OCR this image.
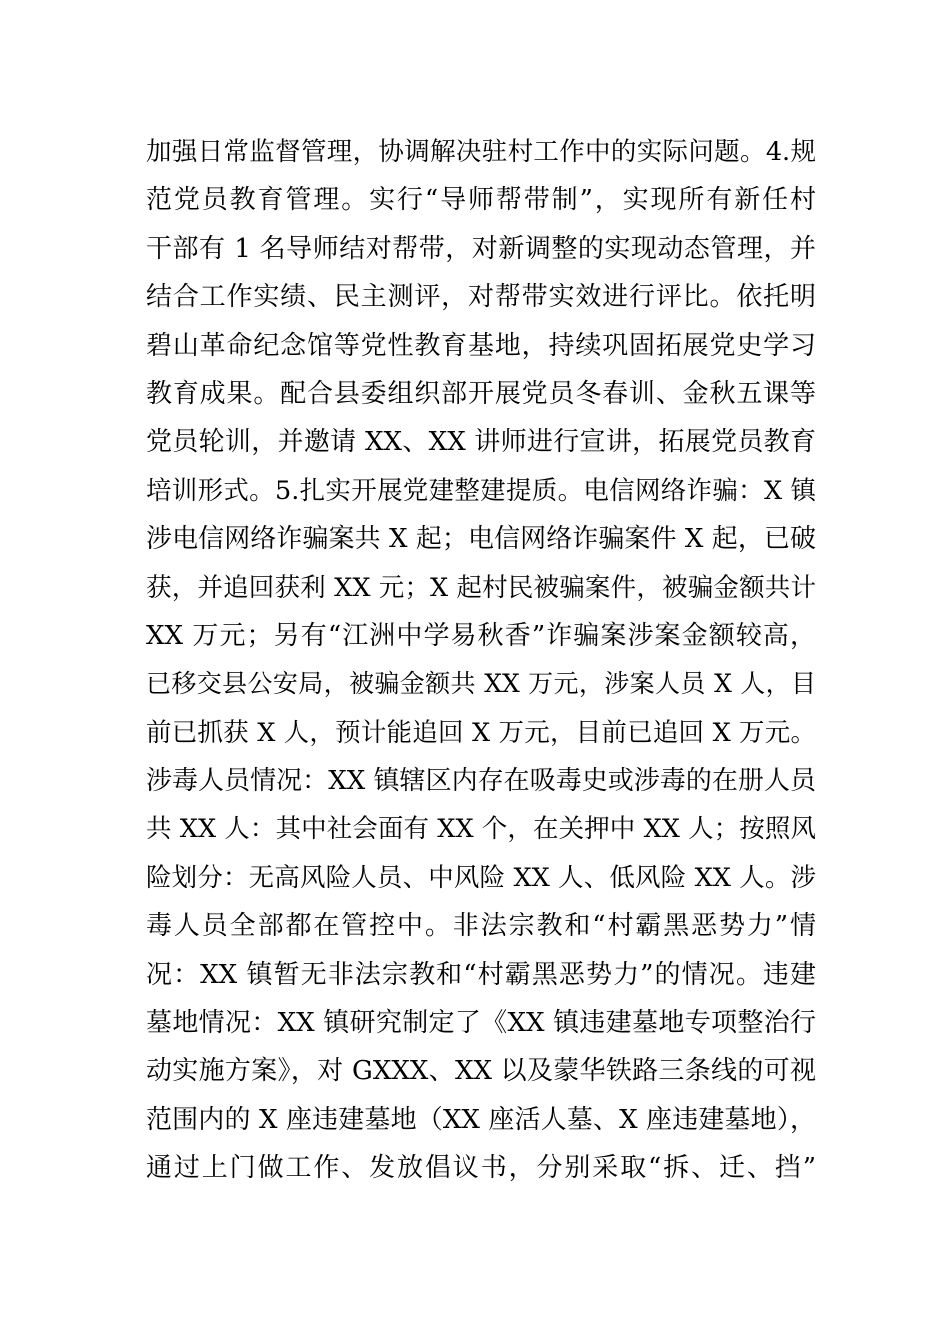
加强日常监督管理，协调解决驻村工作中的实际问题。4.规
范党员教育管理。实行“导师帮带制”，实现所有新任村
干部有 1 名导师结对帮带，对新调整的实现动态管理，并
结合工作实绩、民主测评，对帮带实效进行评比。依托明
碧山革命纪念馆等党性教育基地，持续巩固拓展党史学习
教育成果。配合县委组织部开展党员冬春训、金秋五课等
党员轮训，并邀请 XX、XX 讲师进行宣讲，拓展党员教育
培训形式。5.扎实开展党建整建提质。电信网络诈骗：X 镇
涉电信网络诈骗案共 X 起；电信网络诈骗案件 X 起，已破
获，并追回获利 XX 元；X 起村民被骗案件，被骗金额共计
XX 万元；另有“江洲中学易秋香”诈骗案涉案金额较高，
已移交县公安局，被骗金额共 XX 万元，涉案人员 X 人，目
前已抓获 X 人，预计能追回 X 万元，目前已追回 X 万元。
涉毒人员情况：XX 镇辖区内存在吸毒史或涉毒的在册人员
共 XX 人：其中社会面有 XX 个，在关押中 XX 人；按照风
险划分：无高风险人员、中风险 XX 人、低风险 XX 人。涉
毒人员全部都在管控中。非法宗教和“村霸黑恶势力”情
况：XX 镇暂无非法宗教和“村霸黑恶势力”的情况。违建
墓地情况：XX 镇研究制定了《XX 镇违建墓地专项整治行
动实施方案》，对 GXXX、XX 以及蒙华铁路三条线的可视
范围内的 X 座违建墓地（XX 座活人墓、X 座违建墓地），
通过上门做工作、发放倡议书，分别采取“拆、迁、挡”
